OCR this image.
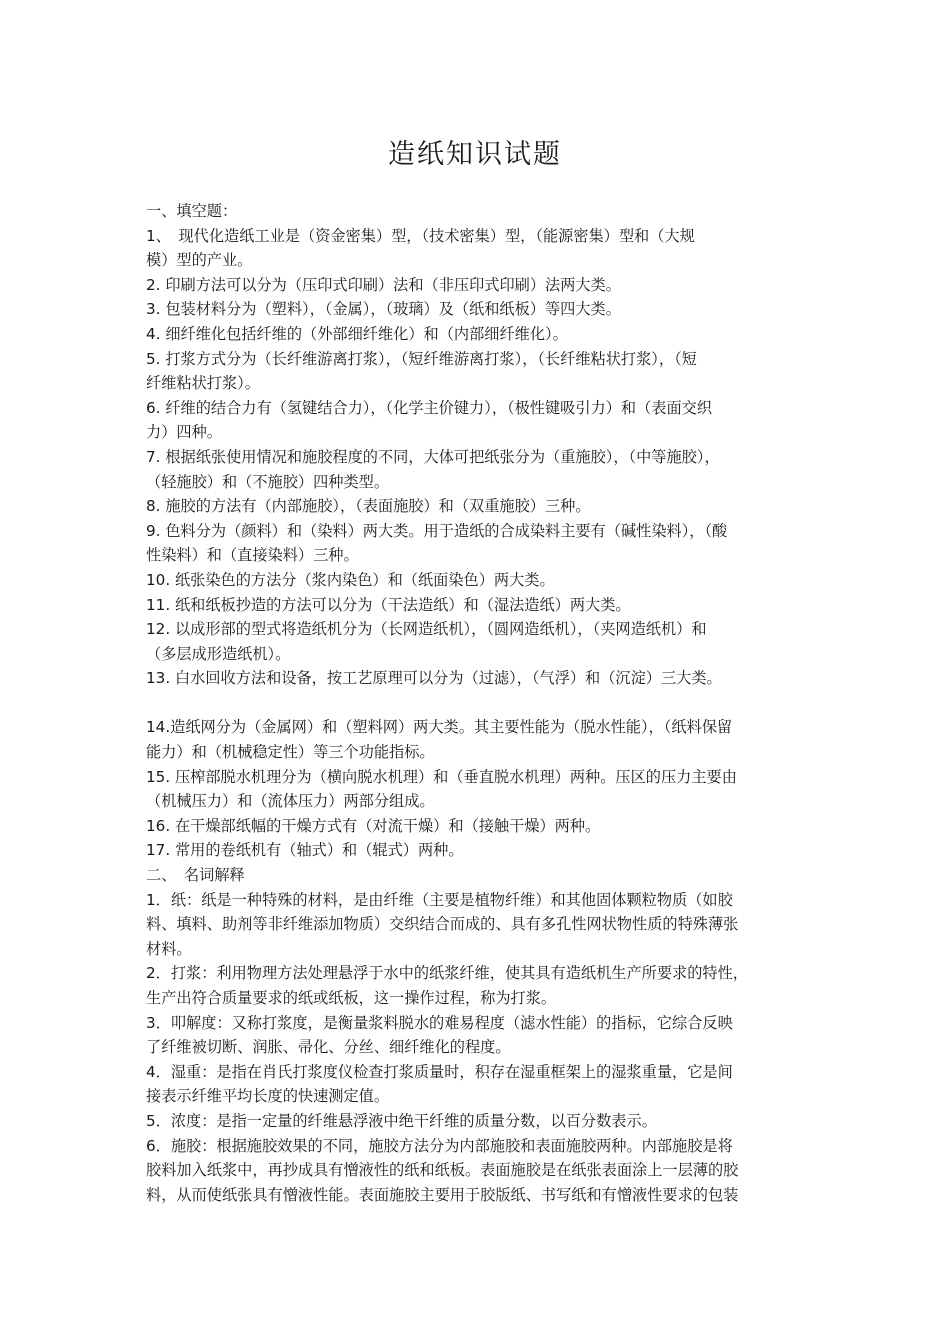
造纸知识试题
一、填空题：
1、　现代化造纸工业是（资金密集）型，（技术密集）型，（能源密集）型和（大规
模）型的产业。
2. 印刷方法可以分为（压印式印刷）法和（非压印式印刷）法两大类。
3. 包装材料分为（塑料），（金属），（玻璃）及（纸和纸板）等四大类。
4. 细纤维化包括纤维的（外部细纤维化）和（内部细纤维化）。
5. 打浆方式分为（长纤维游离打浆），（短纤维游离打浆），（长纤维粘状打浆），（短
纤维粘状打浆）。
6. 纤维的结合力有（氢键结合力），（化学主价键力），（极性键吸引力）和（表面交织
力）四种。
7. 根据纸张使用情况和施胶程度的不同，大体可把纸张分为（重施胶），（中等施胶），
（轻施胶）和（不施胶）四种类型。
8. 施胶的方法有（内部施胶），（表面施胶）和（双重施胶）三种。
9. 色料分为（颜料）和（染料）两大类。用于造纸的合成染料主要有（碱性染料），（酸
性染料）和（直接染料）三种。
10. 纸张染色的方法分（浆内染色）和（纸面染色）两大类。
11. 纸和纸板抄造的方法可以分为（干法造纸）和（湿法造纸）两大类。
12. 以成形部的型式将造纸机分为（长网造纸机），（圆网造纸机），（夹网造纸机）和
（多层成形造纸机）。
13. 白水回收方法和设备，按工艺原理可以分为（过滤），（气浮）和（沉淀）三大类。
14.造纸网分为（金属网）和（塑料网）两大类。其主要性能为（脱水性能），（纸料保留
能力）和（机械稳定性）等三个功能指标。
15. 压榨部脱水机理分为（横向脱水机理）和（垂直脱水机理）两种。压区的压力主要由
（机械压力）和（流体压力）两部分组成。
16. 在干燥部纸幅的干燥方式有（对流干燥）和（接触干燥）两种。
17. 常用的卷纸机有（轴式）和（辊式）两种。
二、　名词解释
1．纸：纸是一种特殊的材料，是由纤维（主要是植物纤维）和其他固体颗粒物质（如胶
料、填料、助剂等非纤维添加物质）交织结合而成的、具有多孔性网状物性质的特殊薄张
材料。
2．打浆：利用物理方法处理悬浮于水中的纸浆纤维，使其具有造纸机生产所要求的特性，
生产出符合质量要求的纸或纸板，这一操作过程，称为打浆。
3．叩解度：又称打浆度，是衡量浆料脱水的难易程度（滤水性能）的指标，它综合反映
了纤维被切断、润胀、帚化、分丝、细纤维化的程度。
4．湿重：是指在肖氏打浆度仪检查打浆质量时，积存在湿重框架上的湿浆重量，它是间
接表示纤维平均长度的快速测定值。
5．浓度：是指一定量的纤维悬浮液中绝干纤维的质量分数，以百分数表示。
6．施胶：根据施胶效果的不同，施胶方法分为内部施胶和表面施胶两种。内部施胶是将
胶料加入纸浆中，再抄成具有憎液性的纸和纸板。表面施胶是在纸张表面涂上一层薄的胶
料，从而使纸张具有憎液性能。表面施胶主要用于胶版纸、书写纸和有憎液性要求的包装
